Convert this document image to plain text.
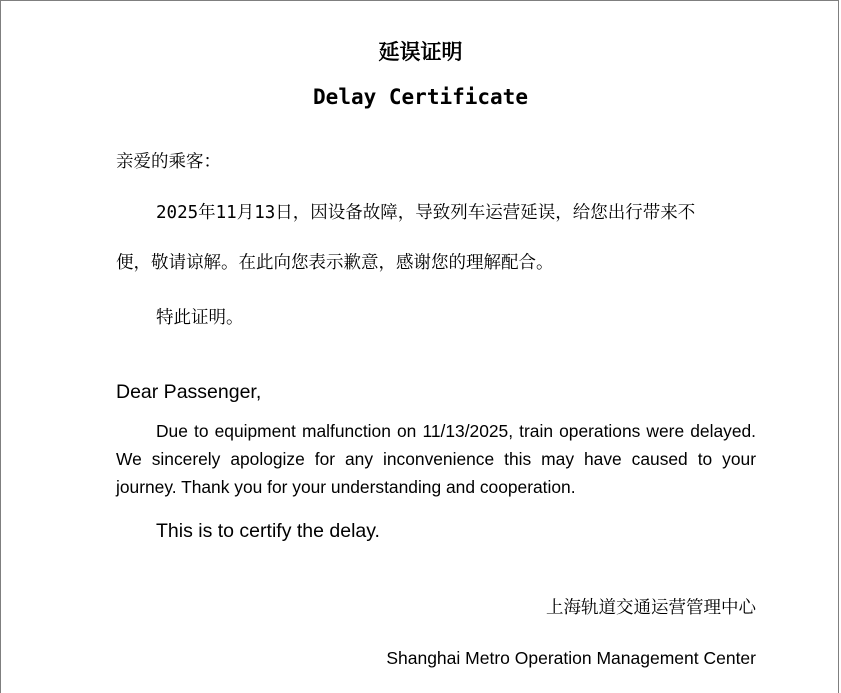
延误证明
Delay Certificate
亲爱的乘客：
2025年11月13日，因设备故障，导致列车运营延误，给您出行带来不
便，敬请谅解。在此向您表示歉意，感谢您的理解配合。
特此证明。
Dear Passenger,

Due to equipment malfunction on 11/13/2025, train operations were delayed. We sincerely apologize for any inconvenience this may have caused to your journey. Thank you for your understanding and cooperation.

This is to certify the delay.
上海轨道交通运营管理中心
Shanghai Metro Operation Management Center
